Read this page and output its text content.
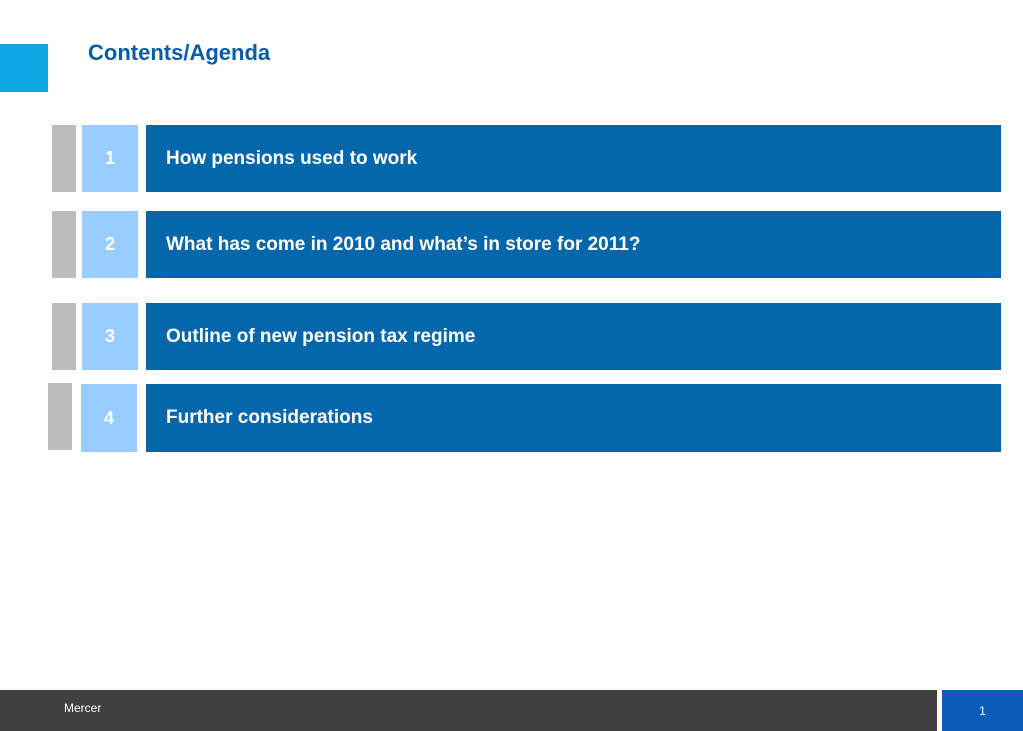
Contents/Agenda
1	How pensions used to work
2	What has come in 2010 and what’s in store for 2011?
3	Outline of new pension tax regime
4	Further considerations
Mercer	1
